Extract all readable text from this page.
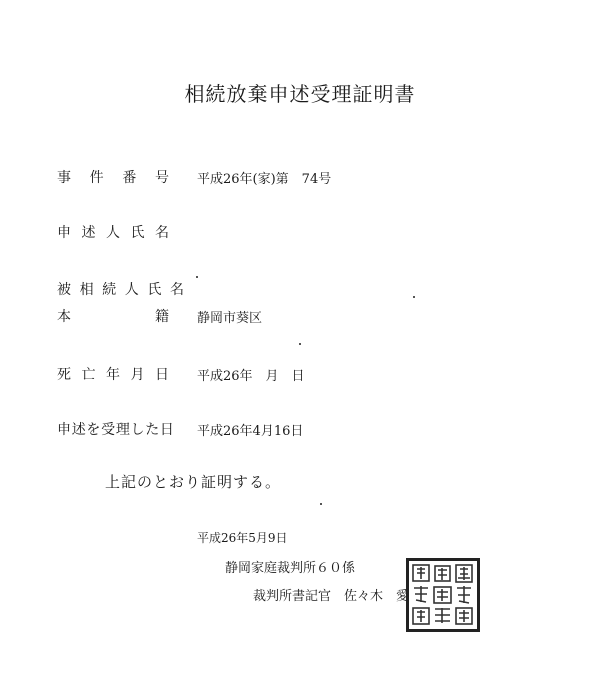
相続放棄申述受理証明書
事 件 番 号 平成26年(家)第　74号
申 述 人 氏 名
被 相 続 人 氏 名
本	籍 静岡市葵区
死 亡 年 月 日 平成26年　月　日
申 述 を 受 理 し た 日 平成26年4月16日
上記のとおり証明する。
平成26年5月9日
静岡家庭裁判所６０係
裁判所書記官　佐々木　愛
